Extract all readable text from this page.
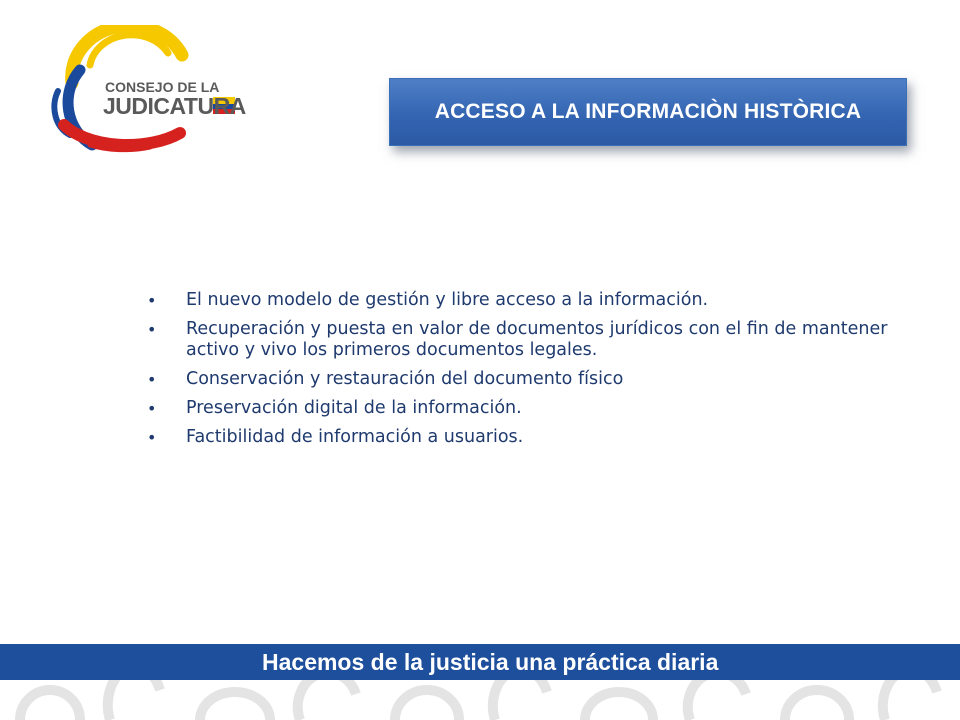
CONSEJO DE LA
JUDICATURA	ACCESO A LA INFORMACIÒN HISTÒRICA
• El nuevo modelo de gestión y libre acceso a la información.
• Recuperación y puesta en valor de documentos jurídicos con el fin de mantener activo y vivo los primeros documentos legales.
• Conservación y restauración del documento físico
• Preservación digital de la información.
• Factibilidad de información a usuarios.
Hacemos de la justicia una práctica diaria
